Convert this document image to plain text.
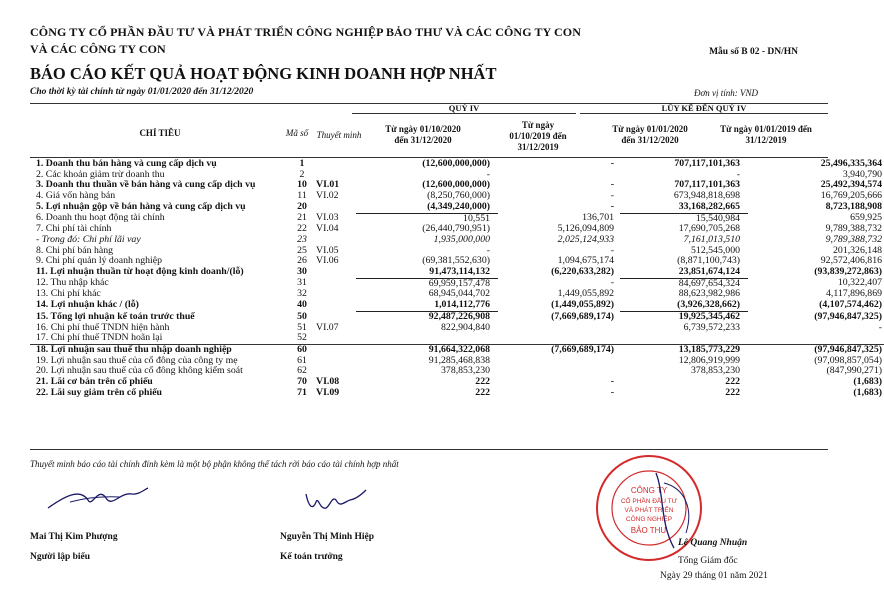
CÔNG TY CỔ PHẦN ĐẦU TƯ VÀ PHÁT TRIỂN CÔNG NGHIỆP BẢO THƯ VÀ CÁC CÔNG TY CON
VÀ CÁC CÔNG TY CON	Mẫu số B 02 - DN/HN
BÁO CÁO KẾT QUẢ HOẠT ĐỘNG KINH DOANH HỢP NHẤT
Cho thời kỳ tài chính từ ngày 01/01/2020 đến 31/12/2020	Đơn vị tính: VND
QUÝ IV	LŨY KẾ ĐẾN QUÝ IV
CHỈ TIÊU	Mã số Thuyết minh
Từ ngày 01/10/2020
đến 31/12/2020
Từ ngày
01/10/2019 đến
31/12/2019
Từ ngày 01/01/2020
đến 31/12/2020
Từ ngày 01/01/2019 đến
31/12/2019
1. Doanh thu bán hàng và cung cấp dịch vụ	1		(12,600,000,000)	-	707,117,101,363	25,496,335,364
2. Các khoản giảm trừ doanh thu	2		-		-	3,940,790
3. Doanh thu thuần về bán hàng và cung cấp dịch vụ	10	VI.01	(12,600,000,000)	-	707,117,101,363	25,492,394,574
4. Giá vốn hàng bán	11	VI.02	(8,250,760,000)	-	673,948,818,698	16,769,205,666
5. Lợi nhuận gộp về bán hàng và cung cấp dịch vụ	20		(4,349,240,000)	-	33,168,282,665	8,723,188,908
6. Doanh thu hoạt động tài chính	21	VI.03	10,551	136,701	15,540,984	659,925
7. Chi phí tài chính	22	VI.04	(26,440,790,951)	5,126,094,809	17,690,705,268	9,789,388,732
- Trong đó: Chi phí lãi vay	23		1,935,000,000	2,025,124,933	7,161,013,510	9,789,388,732
8. Chi phí bán hàng	25	VI.05	-	-	512,545,000	201,326,148
9. Chi phí quản lý doanh nghiệp	26	VI.06	(69,381,552,630)	1,094,675,174	(8,871,100,743)	92,572,406,816
11. Lợi nhuận thuần từ hoạt động kinh doanh/(lỗ)	30		91,473,114,132	(6,220,633,282)	23,851,674,124	(93,839,272,863)
12. Thu nhập khác	31		69,959,157,478	-	84,697,654,324	10,322,407
13. Chi phí khác	32		68,945,044,702	1,449,055,892	88,623,982,986	4,117,896,869
14. Lợi nhuận khác / (lỗ)	40		1,014,112,776	(1,449,055,892)	(3,926,328,662)	(4,107,574,462)
15. Tổng lợi nhuận kế toán trước thuế	50		92,487,226,908	(7,669,689,174)	19,925,345,462	(97,946,847,325)
16. Chi phí thuế TNDN hiện hành	51	VI.07	822,904,840		6,739,572,233	-
17. Chi phí thuế TNDN hoãn lại	52					
18. Lợi nhuận sau thuế thu nhập doanh nghiệp	60		91,664,322,068	(7,669,689,174)	13,185,773,229	(97,946,847,325)
19. Lợi nhuận sau thuế của cổ đông của công ty mẹ	61		91,285,468,838		12,806,919,999	(97,098,857,054)
20. Lợi nhuận sau thuế của cổ đông không kiểm soát	62		378,853,230		378,853,230	(847,990,271)
21. Lãi cơ bản trên cổ phiếu	70	VI.08	222	-	222	(1,683)
22. Lãi suy giảm trên cổ phiếu	71	VI.09	222	-	222	(1,683)
Thuyết minh báo cáo tài chính đính kèm là một bộ phận không thể tách rời báo cáo tài chính hợp nhất
Mai Thị Kim Phượng
Người lập biểu
Nguyễn Thị Minh Hiệp
Kế toán trưởng
CÔNG TY
CỔ PHẦN ĐẦU TƯ
VÀ PHÁT TRIỂN
CÔNG NGHIỆP
BẢO THƯ
Lê Quang Nhuận
Tổng Giám đốc
Ngày 29 tháng 01 năm 2021
